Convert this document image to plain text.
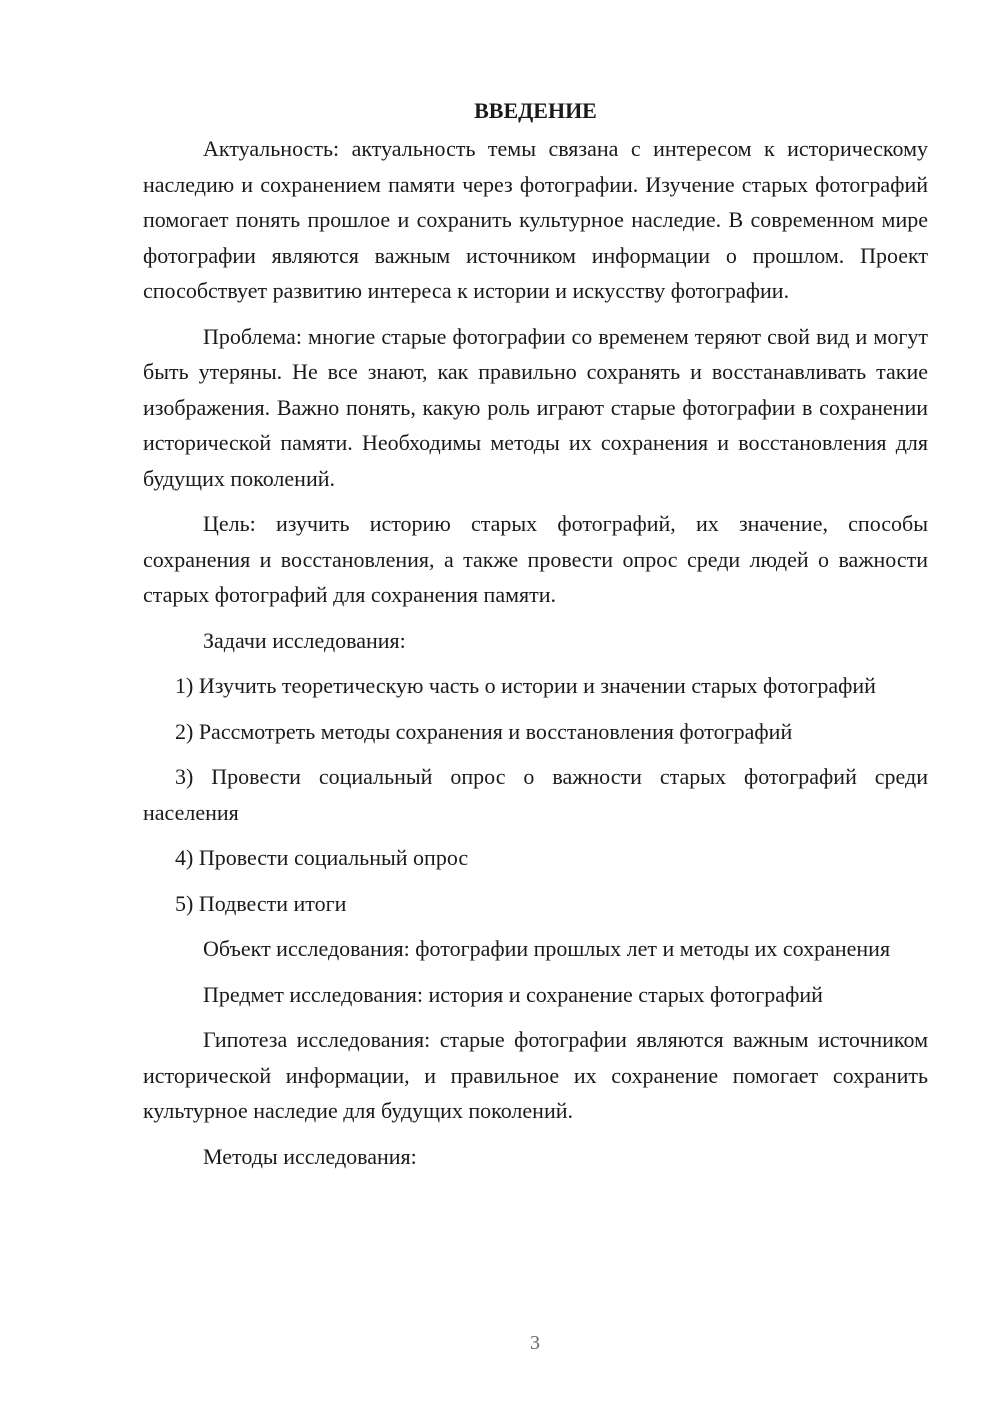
ВВЕДЕНИЕ

Актуальность: актуальность темы связана с интересом к историческому наследию и сохранением памяти через фотографии. Изучение старых фотографий помогает понять прошлое и сохранить культурное наследие. В современном мире фотографии являются важным источником информации о прошлом. Проект способствует развитию интереса к истории и искусству фотографии.

Проблема: многие старые фотографии со временем теряют свой вид и могут быть утеряны. Не все знают, как правильно сохранять и восстанавливать такие изображения. Важно понять, какую роль играют старые фотографии в сохранении исторической памяти. Необходимы методы их сохранения и восстановления для будущих поколений.

Цель: изучить историю старых фотографий, их значение, способы сохранения и восстановления, а также провести опрос среди людей о важности старых фотографий для сохранения памяти.

Задачи исследования:

1) Изучить теоретическую часть о истории и значении старых фотографий

2) Рассмотреть методы сохранения и восстановления фотографий

3) Провести социальный опрос о важности старых фотографий среди населения

4) Провести социальный опрос

5) Подвести итоги

Объект исследования: фотографии прошлых лет и методы их сохранения

Предмет исследования: история и сохранение старых фотографий

Гипотеза исследования: старые фотографии являются важным источником исторической информации, и правильное их сохранение помогает сохранить культурное наследие для будущих поколений.

Методы исследования:

3
